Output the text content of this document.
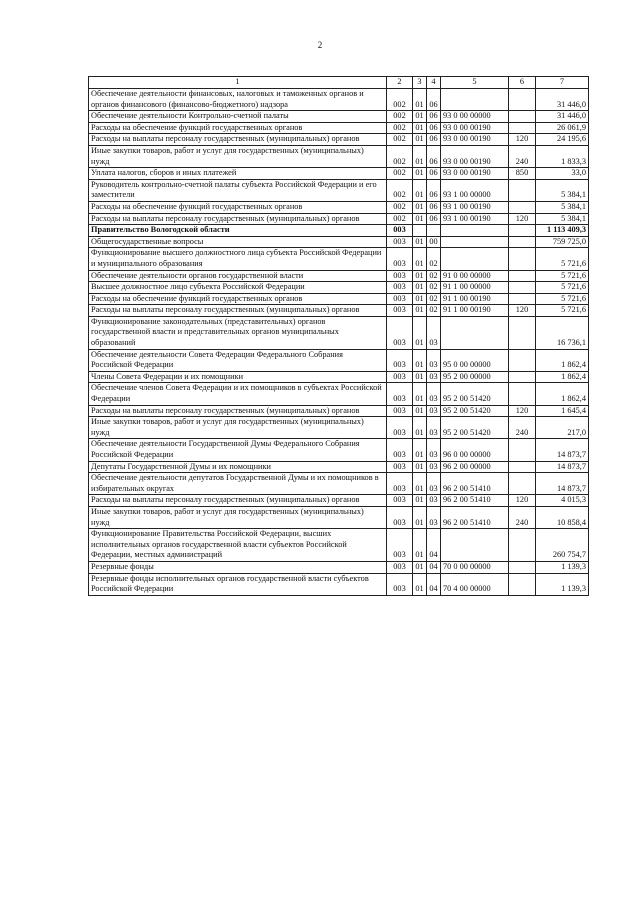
2
1	2	3	4	5	6	7
Обеспечение деятельности финансовых, налоговых и таможенных органов и органов финансового (финансово-бюджетного) надзора	002	01	06			31 446,0
Обеспечение деятельности Контрольно-счетной палаты	002	01	06	93 0 00 00000		31 446,0
Расходы на обеспечение функций государственных органов	002	01	06	93 0 00 00190		26 061,9
Расходы на выплаты персоналу государственных (муниципальных) органов	002	01	06	93 0 00 00190	120	24 195,6
Иные закупки товаров, работ и услуг для государственных (муниципальных) нужд	002	01	06	93 0 00 00190	240	1 833,3
Уплата налогов, сборов и иных платежей	002	01	06	93 0 00 00190	850	33,0
Руководитель контрольно-счетной палаты субъекта Российской Федерации и его заместители	002	01	06	93 1 00 00000		5 384,1
Расходы на обеспечение функций государственных органов	002	01	06	93 1 00 00190		5 384,1
Расходы на выплаты персоналу государственных (муниципальных) органов	002	01	06	93 1 00 00190	120	5 384,1
Правительство Вологодской области	003					1 113 409,3
Общегосударственные вопросы	003	01	00			759 725,0
Функционирование высшего должностного лица субъекта Российской Федерации и муниципального образования	003	01	02			5 721,6
Обеспечение деятельности органов государственной власти	003	01	02	91 0 00 00000		5 721,6
Высшее должностное лицо субъекта Российской Федерации	003	01	02	91 1 00 00000		5 721,6
Расходы на обеспечение функций государственных органов	003	01	02	91 1 00 00190		5 721,6
Расходы на выплаты персоналу государственных (муниципальных) органов	003	01	02	91 1 00 00190	120	5 721,6
Функционирование законодательных (представительных) органов государственной власти и представительных органов муниципальных образований	003	01	03			16 736,1
Обеспечение деятельности Совета Федерации Федерального Собрания Российской Федерации	003	01	03	95 0 00 00000		1 862,4
Члены Совета Федерации и их помощники	003	01	03	95 2 00 00000		1 862,4
Обеспечение членов Совета Федерации и их помощников в субъектах Российской Федерации	003	01	03	95 2 00 51420		1 862,4
Расходы на выплаты персоналу государственных (муниципальных) органов	003	01	03	95 2 00 51420	120	1 645,4
Иные закупки товаров, работ и услуг для государственных (муниципальных) нужд	003	01	03	95 2 00 51420	240	217,0
Обеспечение деятельности Государственной Думы Федерального Собрания Российской Федерации	003	01	03	96 0 00 00000		14 873,7
Депутаты Государственной Думы и их помощники	003	01	03	96 2 00 00000		14 873,7
Обеспечение деятельности депутатов Государственной Думы и их помощников в избирательных округах	003	01	03	96 2 00 51410		14 873,7
Расходы на выплаты персоналу государственных (муниципальных) органов	003	01	03	96 2 00 51410	120	4 015,3
Иные закупки товаров, работ и услуг для государственных (муниципальных) нужд	003	01	03	96 2 00 51410	240	10 858,4
Функционирование Правительства Российской Федерации, высших исполнительных органов государственной власти субъектов Российской Федерации, местных администраций	003	01	04			260 754,7
Резервные фонды	003	01	04	70 0 00 00000		1 139,3
Резервные фонды исполнительных органов государственной власти субъектов Российской Федерации	003	01	04	70 4 00 00000		1 139,3
